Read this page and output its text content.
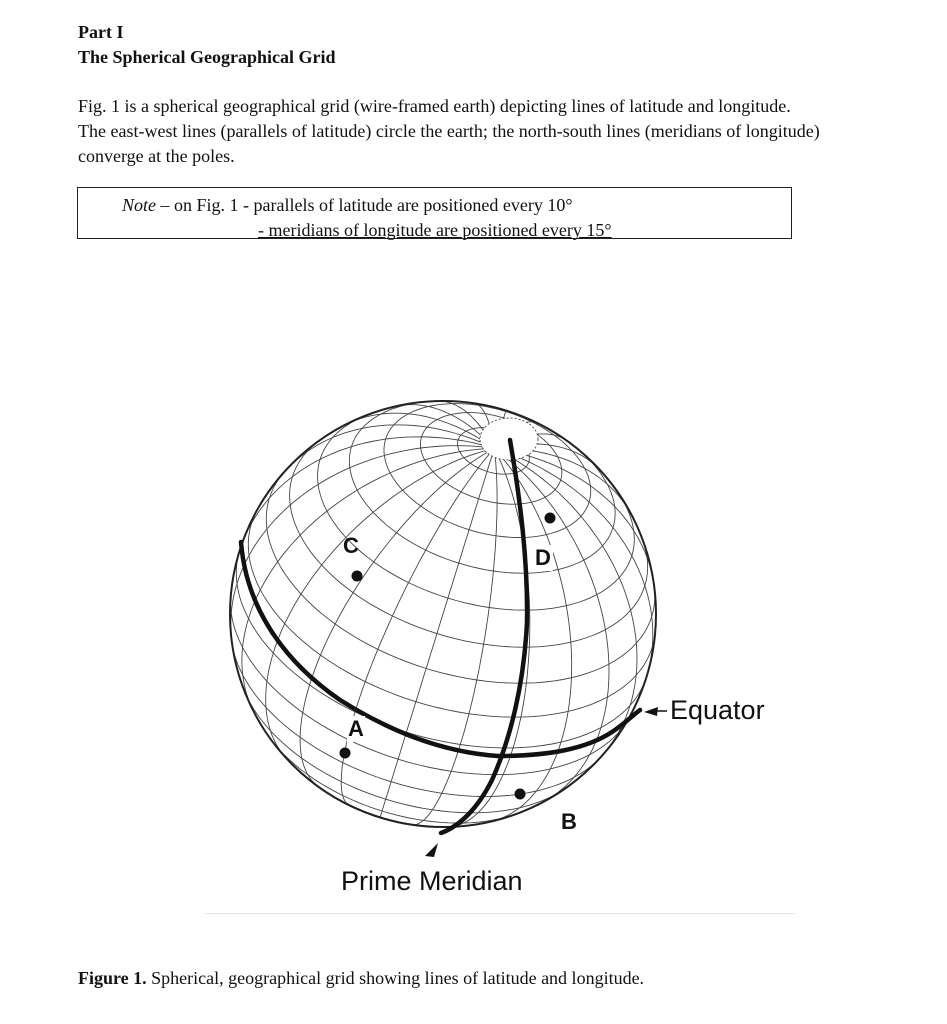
Part I
The Spherical Geographical Grid
Fig. 1 is a spherical geographical grid (wire-framed earth) depicting lines of latitude and longitude.
The east-west lines (parallels of latitude) circle the earth; the north-south lines (meridians of longitude)
converge at the poles.
Note – on Fig. 1 - parallels of latitude are positioned every 10°
- meridians of longitude are positioned every 15°
C	D
A
B
Equator
Prime Meridian
Figure 1. Spherical, geographical grid showing lines of latitude and longitude.
